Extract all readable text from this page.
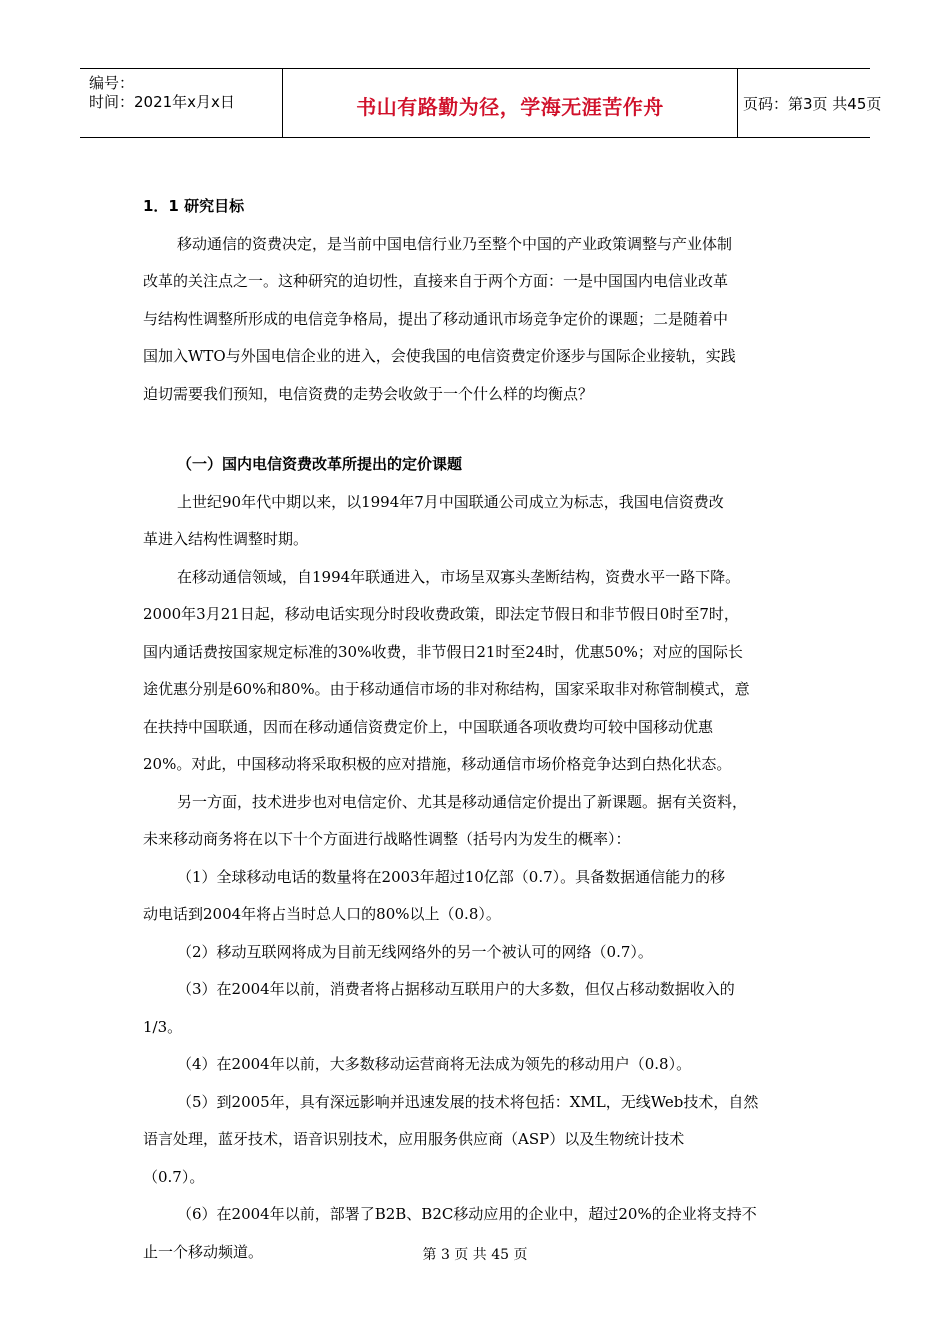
编号：
时间：2021年x月x日	书山有路勤为径，学海无涯苦作舟	页码：第3页 共45页
1．1 研究目标
移动通信的资费决定，是当前中国电信行业乃至整个中国的产业政策调整与产业体制
改革的关注点之一。这种研究的迫切性，直接来自于两个方面：一是中国国内电信业改革
与结构性调整所形成的电信竞争格局，提出了移动通讯市场竞争定价的课题；二是随着中
国加入WTO与外国电信企业的进入，会使我国的电信资费定价逐步与国际企业接轨，实践
迫切需要我们预知，电信资费的走势会收敛于一个什么样的均衡点？
（一）国内电信资费改革所提出的定价课题
上世纪90年代中期以来，以1994年7月中国联通公司成立为标志，我国电信资费改
革进入结构性调整时期。
在移动通信领域，自1994年联通进入，市场呈双寡头垄断结构，资费水平一路下降。
2000年3月21日起，移动电话实现分时段收费政策，即法定节假日和非节假日0时至7时，
国内通话费按国家规定标准的30%收费，非节假日21时至24时，优惠50%；对应的国际长
途优惠分别是60%和80%。由于移动通信市场的非对称结构，国家采取非对称管制模式，意
在扶持中国联通，因而在移动通信资费定价上，中国联通各项收费均可较中国移动优惠
20%。对此，中国移动将采取积极的应对措施，移动通信市场价格竞争达到白热化状态。
另一方面，技术进步也对电信定价、尤其是移动通信定价提出了新课题。据有关资料，
未来移动商务将在以下十个方面进行战略性调整（括号内为发生的概率）：
（1）全球移动电话的数量将在2003年超过10亿部（0.7）。具备数据通信能力的移
动电话到2004年将占当时总人口的80%以上（0.8）。
（2）移动互联网将成为目前无线网络外的另一个被认可的网络（0.7）。
（3）在2004年以前，消费者将占据移动互联用户的大多数，但仅占移动数据收入的
1/3。
（4）在2004年以前，大多数移动运营商将无法成为领先的移动用户（0.8）。
（5）到2005年，具有深远影响并迅速发展的技术将包括：XML，无线Web技术，自然
语言处理，蓝牙技术，语音识别技术，应用服务供应商（ASP）以及生物统计技术
（0.7）。
（6）在2004年以前，部署了B2B、B2C移动应用的企业中，超过20%的企业将支持不
止一个移动频道。	第 3 页 共 45 页
